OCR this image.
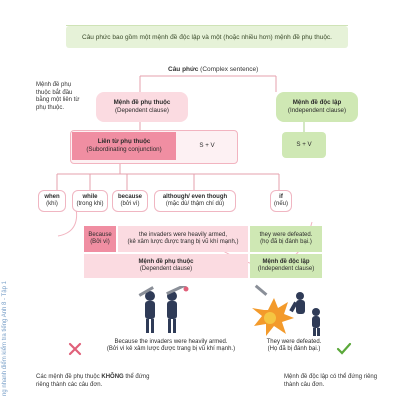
ng nhanh điểm kiểm tra tiếng Anh 8 - Tập 1
Câu phức bao gồm một mệnh đề độc lập và một (hoặc nhiều hơn) mệnh đề phụ thuộc.
Câu phức (Complex sentence)
Mệnh đề phụ thuộc
(Dependent clause)
Mệnh đề độc lập
(Independent clause)
Mệnh đề phụ thuộc bắt đầu bằng một liên từ phụ thuộc.
Liên từ phụ thuộc
(Subordinating conjunction)
S + V	S + V
when
(khi)
while
(trong khi)
because
(bởi vì)
although/ even though
(mặc dù/ thậm chí dù)
if
(nếu)
Because
(Bởi vì)
the invaders were heavily armed,
(kẻ xâm lược được trang bị vũ khí mạnh,)
they were defeated.
(họ đã bị đánh bại.)
Mệnh đề phụ thuộc
(Dependent clause)
Mệnh đề độc lập
(Independent clause)
Because the invaders were heavily armed.
(Bởi vì kẻ xâm lược được trang bị vũ khí mạnh.)
They were defeated.
(Họ đã bị đánh bại.)
Các mệnh đề phụ thuộc KHÔNG thể đứng riêng thành các câu đơn.
Mệnh đề độc lập có thể đứng riêng thành câu đơn.
